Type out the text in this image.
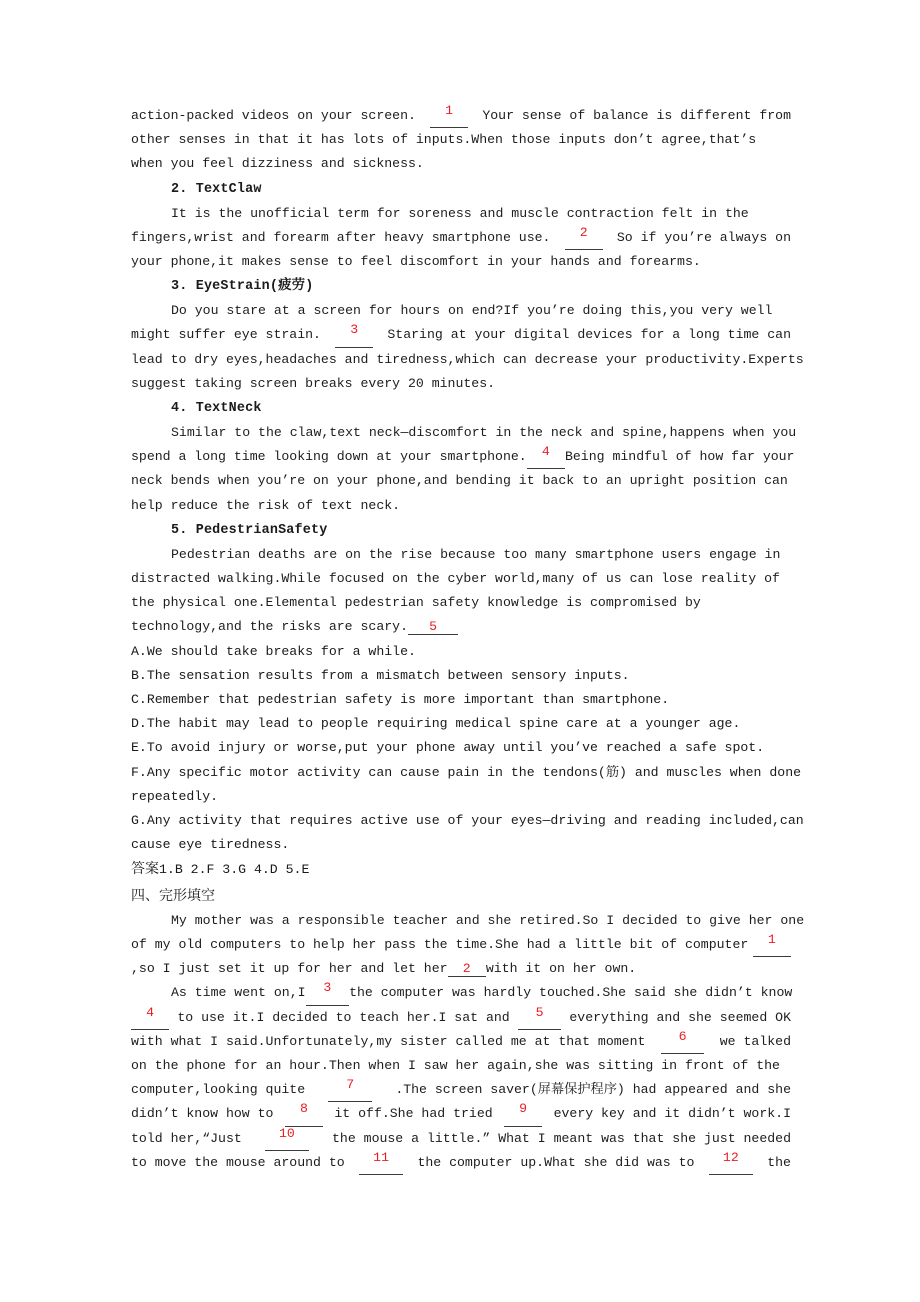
action-packed videos on your screen.	1	Your sense of balance is different from
other senses in that it has lots of inputs.When those inputs don’t agree,that’s
when you feel dizziness and sickness.
2. TextClaw
It is the unofficial term for soreness and muscle contraction felt in the
fingers,wrist and forearm after heavy smartphone use.	2	So if you’re always on
your phone,it makes sense to feel discomfort in your hands and forearms.
3. EyeStrain(疲劳)
Do you stare at a screen for hours on end?If you’re doing this,you very well
might suffer eye strain.	3	Staring at your digital devices for a long time can
lead to dry eyes,headaches and tiredness,which can decrease your productivity.Experts
suggest taking screen breaks every 20 minutes.
4. TextNeck
Similar to the claw,text neck—discomfort in the neck and spine,happens when you
spend a long time looking down at your smartphone.	4	Being mindful of how far your
neck bends when you’re on your phone,and bending it back to an upright position can
help reduce the risk of text neck.
5. PedestrianSafety
Pedestrian deaths are on the rise because too many smartphone users engage in
distracted walking.While focused on the cyber world,many of us can lose reality of
the physical one.Elemental pedestrian safety knowledge is compromised by
technology,and the risks are scary. 5
A.We should take breaks for a while.
B.The sensation results from a mismatch between sensory inputs.
C.Remember that pedestrian safety is more important than smartphone.
D.The habit may lead to people requiring medical spine care at a younger age.
E.To avoid injury or worse,put your phone away until you’ve reached a safe spot.
F.Any specific motor activity can cause pain in the tendons(筋) and muscles when done
repeatedly.
G.Any activity that requires active use of your eyes—driving and reading included,can
cause eye tiredness.
答案1.B 2.F 3.G 4.D 5.E
四、完形填空
My mother was a responsible teacher and she retired.So I decided to give her one
of my old computers to help her pass the time.She had a little bit of computer	1
,so I just set it up for her and let her 2 with it on her own.
As time went on,I	3	the computer was hardly touched.She said she didn’t know
4	to use it.I decided to teach her.I sat and	5	everything and she seemed OK
with what I said.Unfortunately,my sister called me at that moment	6	we talked
on the phone for an hour.Then when I saw her again,she was sitting in front of the
computer,looking quite	7	.The screen saver(屏幕保护程序) had appeared and she
didn’t know how to	8	it off.She had tried	9	every key and it didn’t work.I
told her,“Just	10	the mouse a little.” What I meant was that she just needed
to move the mouse around to	11	the computer up.What she did was to	12	the
